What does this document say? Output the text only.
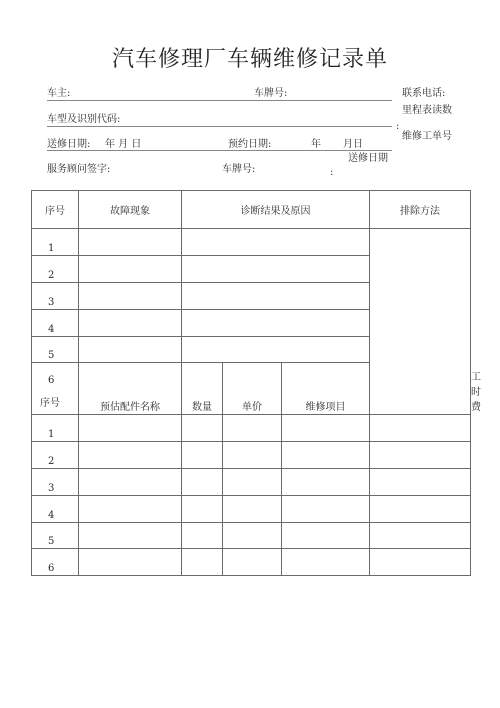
汽车修理厂车辆维修记录单
车主:	车牌号:	联系电话:
里程表读数
车型及识别代码:
:
维修工单号
送修日期: 年 月 日	预约日期:	年 月日
送修日期
服务顾问签字:	车牌号:	:
序号	故障现象	诊断结果及原因			排除方法	
1						
2						
3						
4						
5						

6
序号	预估配件名称	数量	单价	维修项目		工时费
1						
2						
3						
4						
5						
6						
